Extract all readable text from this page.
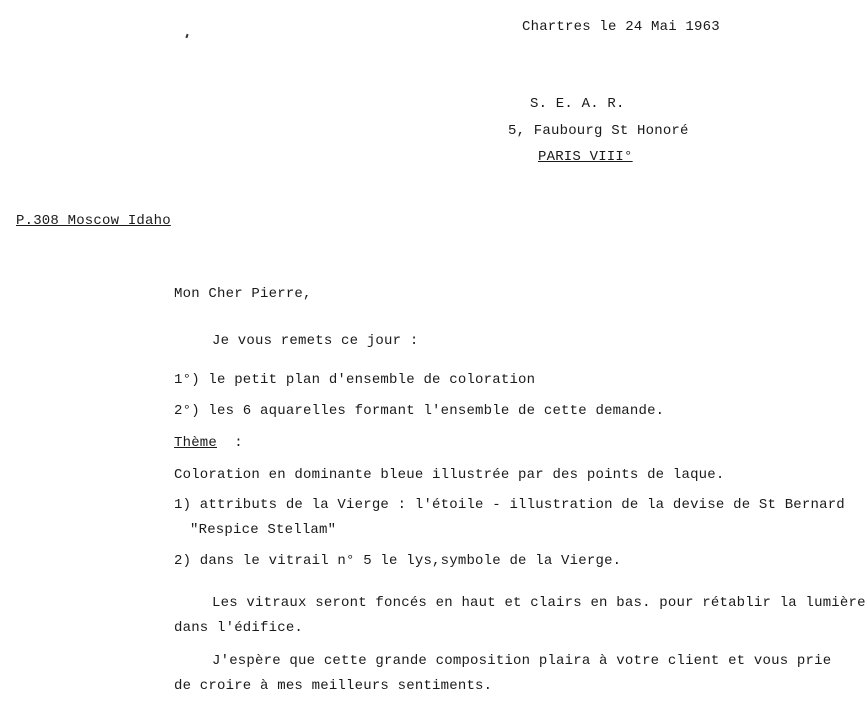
Chartres le 24 Mai 1963
S. E. A. R.
5, Faubourg St Honoré
PARIS VIII°
P.308 Moscow Idaho
Mon Cher Pierre,
Je vous remets ce jour :
1°) le petit plan d'ensemble de coloration
2°) les 6 aquarelles formant l'ensemble de cette demande.
Thème :
Coloration en dominante bleue illustrée par des points de laque.
1) attributs de la Vierge : l'étoile - illustration de la devise de St Bernard
"Respice Stellam"
2) dans le vitrail n° 5 le lys,symbole de la Vierge.
Les vitraux seront foncés en haut et clairs en bas. pour rétablir la lumière
dans l'édifice.
J'espère que cette grande composition plaira à votre client et vous prie
de croire à mes meilleurs sentiments.
